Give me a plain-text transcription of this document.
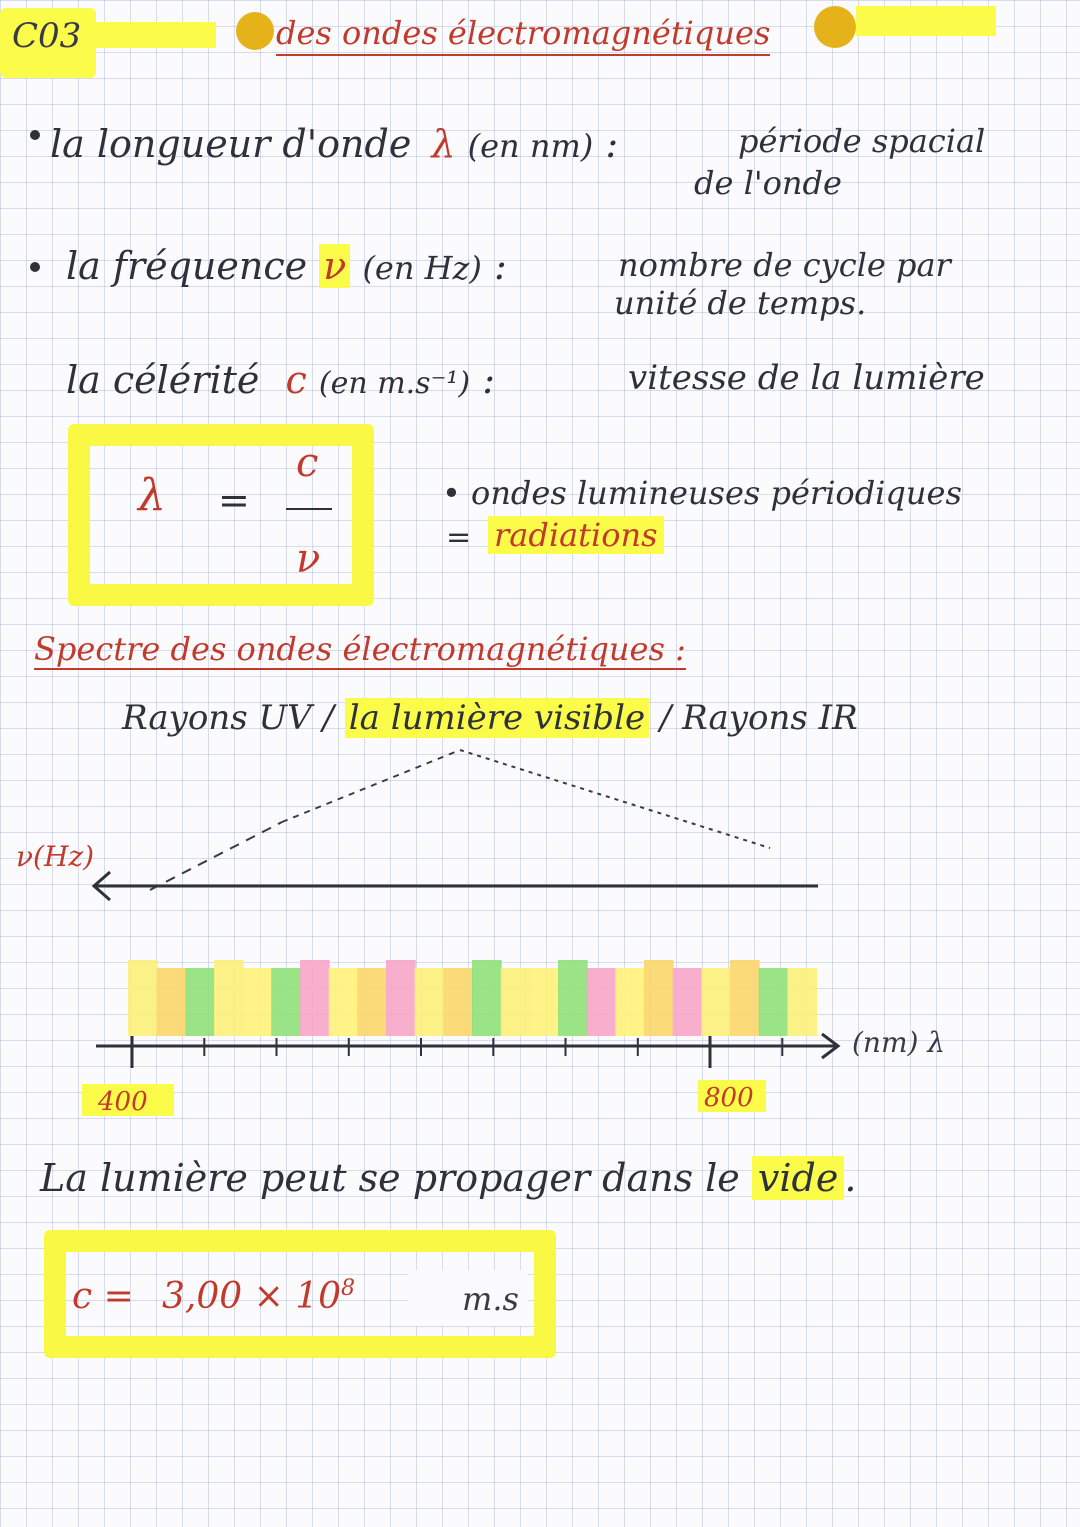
C03	des ondes électromagnétiques
la longueur d'onde λ (en nm) :	période spacial
de l'onde
la fréquence ν (en Hz) :	nombre de cycle par
unité de temps.
la célérité c (en m.s⁻¹) :	vitesse de la lumière
λ =
c
ν
• ondes lumineuses périodiques
= radiations
Spectre des ondes électromagnétiques :
Rayons UV / la lumière visible / Rayons IR
ν(Hz)
(nm) λ
400	800
La lumière peut se propager dans le vide .
$c = 3,00 \times 10^8$	m.s
